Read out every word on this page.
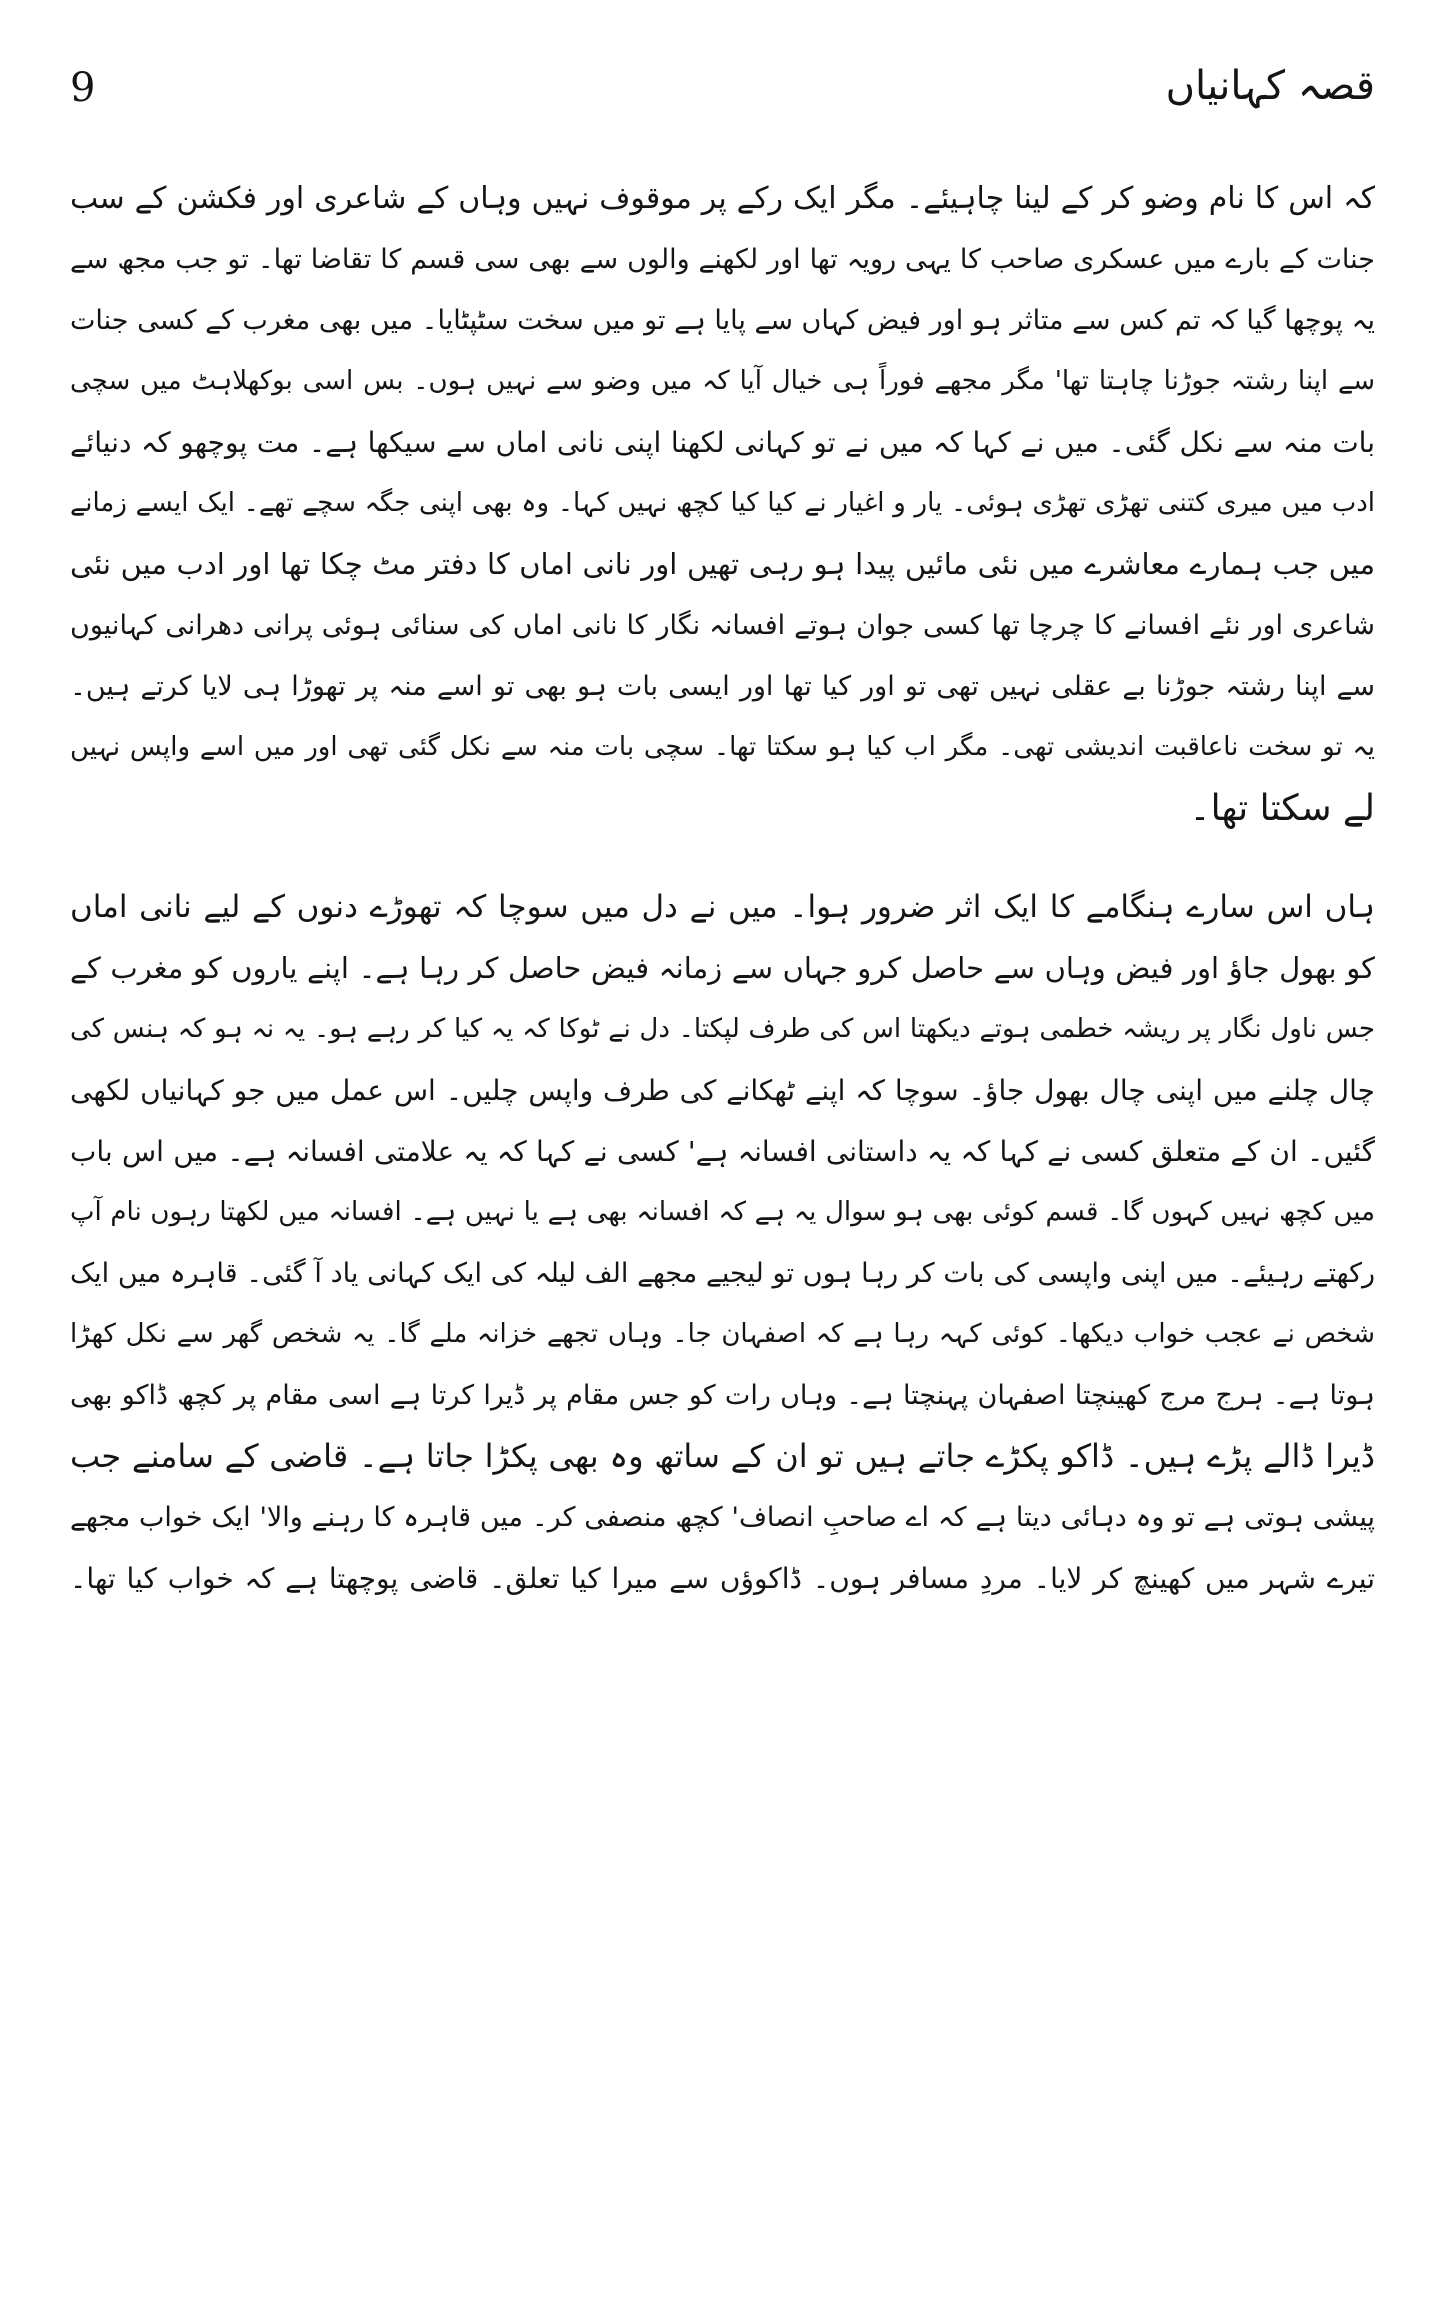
9	قصہ کہانیاں
کہ اس کا نام وضو کر کے لینا چاہیئے۔ مگر ایک رکے پر موقوف نہیں وہاں کے شاعری اور فکشن کے سب
جنات کے بارے میں عسکری صاحب کا یہی رویہ تھا اور لکھنے والوں سے بھی سی قسم کا تقاضا تھا۔ تو جب مجھ سے
یہ پوچھا گیا کہ تم کس سے متاثر ہو اور فیض کہاں سے پایا ہے تو میں سخت سٹپٹایا۔ میں بھی مغرب کے کسی جنات
سے اپنا رشتہ جوڑنا چاہتا تھا' مگر مجھے فوراً ہی خیال آیا کہ میں وضو سے نہیں ہوں۔ بس اسی بوکھلاہٹ میں سچی
بات منہ سے نکل گئی۔ میں نے کہا کہ میں نے تو کہانی لکھنا اپنی نانی اماں سے سیکھا ہے۔ مت پوچھو کہ دنیائے
ادب میں میری کتنی تھڑی تھڑی ہوئی۔ یار و اغیار نے کیا کیا کچھ نہیں کہا۔ وہ بھی اپنی جگہ سچے تھے۔ ایک ایسے زمانے
میں جب ہمارے معاشرے میں نئی مائیں پیدا ہو رہی تھیں اور نانی اماں کا دفتر مٹ چکا تھا اور ادب میں نئی
شاعری اور نئے افسانے کا چرچا تھا کسی جوان ہوتے افسانہ نگار کا نانی اماں کی سنائی ہوئی پرانی دھرانی کہانیوں
سے اپنا رشتہ جوڑنا بے عقلی نہیں تھی تو اور کیا تھا اور ایسی بات ہو بھی تو اسے منہ پر تھوڑا ہی لایا کرتے ہیں۔
یہ تو سخت ناعاقبت اندیشی تھی۔ مگر اب کیا ہو سکتا تھا۔ سچی بات منہ سے نکل گئی تھی اور میں اسے واپس نہیں
لے سکتا تھا۔
ہاں اس سارے ہنگامے کا ایک اثر ضرور ہوا۔ میں نے دل میں سوچا کہ تھوڑے دنوں کے لیے نانی اماں
کو بھول جاؤ اور فیض وہاں سے حاصل کرو جہاں سے زمانہ فیض حاصل کر رہا ہے۔ اپنے یاروں کو مغرب کے
جس ناول نگار پر ریشہ خطمی ہوتے دیکھتا اس کی طرف لپکتا۔ دل نے ٹوکا کہ یہ کیا کر رہے ہو۔ یہ نہ ہو کہ ہنس کی
چال چلنے میں اپنی چال بھول جاؤ۔ سوچا کہ اپنے ٹھکانے کی طرف واپس چلیں۔ اس عمل میں جو کہانیاں لکھی
گئیں۔ ان کے متعلق کسی نے کہا کہ یہ داستانی افسانہ ہے' کسی نے کہا کہ یہ علامتی افسانہ ہے۔ میں اس باب
میں کچھ نہیں کہوں گا۔ قسم کوئی بھی ہو سوال یہ ہے کہ افسانہ بھی ہے یا نہیں ہے۔ افسانہ میں لکھتا رہوں نام آپ
رکھتے رہیئے۔ میں اپنی واپسی کی بات کر رہا ہوں تو لیجیے مجھے الف لیلہ کی ایک کہانی یاد آ گئی۔ قاہرہ میں ایک
شخص نے عجب خواب دیکھا۔ کوئی کہہ رہا ہے کہ اصفہان جا۔ وہاں تجھے خزانہ ملے گا۔ یہ شخص گھر سے نکل کھڑا
ہوتا ہے۔ ہرج مرج کھینچتا اصفہان پہنچتا ہے۔ وہاں رات کو جس مقام پر ڈیرا کرتا ہے اسی مقام پر کچھ ڈاکو بھی
ڈیرا ڈالے پڑے ہیں۔ ڈاکو پکڑے جاتے ہیں تو ان کے ساتھ وہ بھی پکڑا جاتا ہے۔ قاضی کے سامنے جب
پیشی ہوتی ہے تو وہ دہائی دیتا ہے کہ اے صاحبِ انصاف' کچھ منصفی کر۔ میں قاہرہ کا رہنے والا' ایک خواب مجھے
تیرے شہر میں کھینچ کر لایا۔ مردِ مسافر ہوں۔ ڈاکوؤں سے میرا کیا تعلق۔ قاضی پوچھتا ہے کہ خواب کیا تھا۔
